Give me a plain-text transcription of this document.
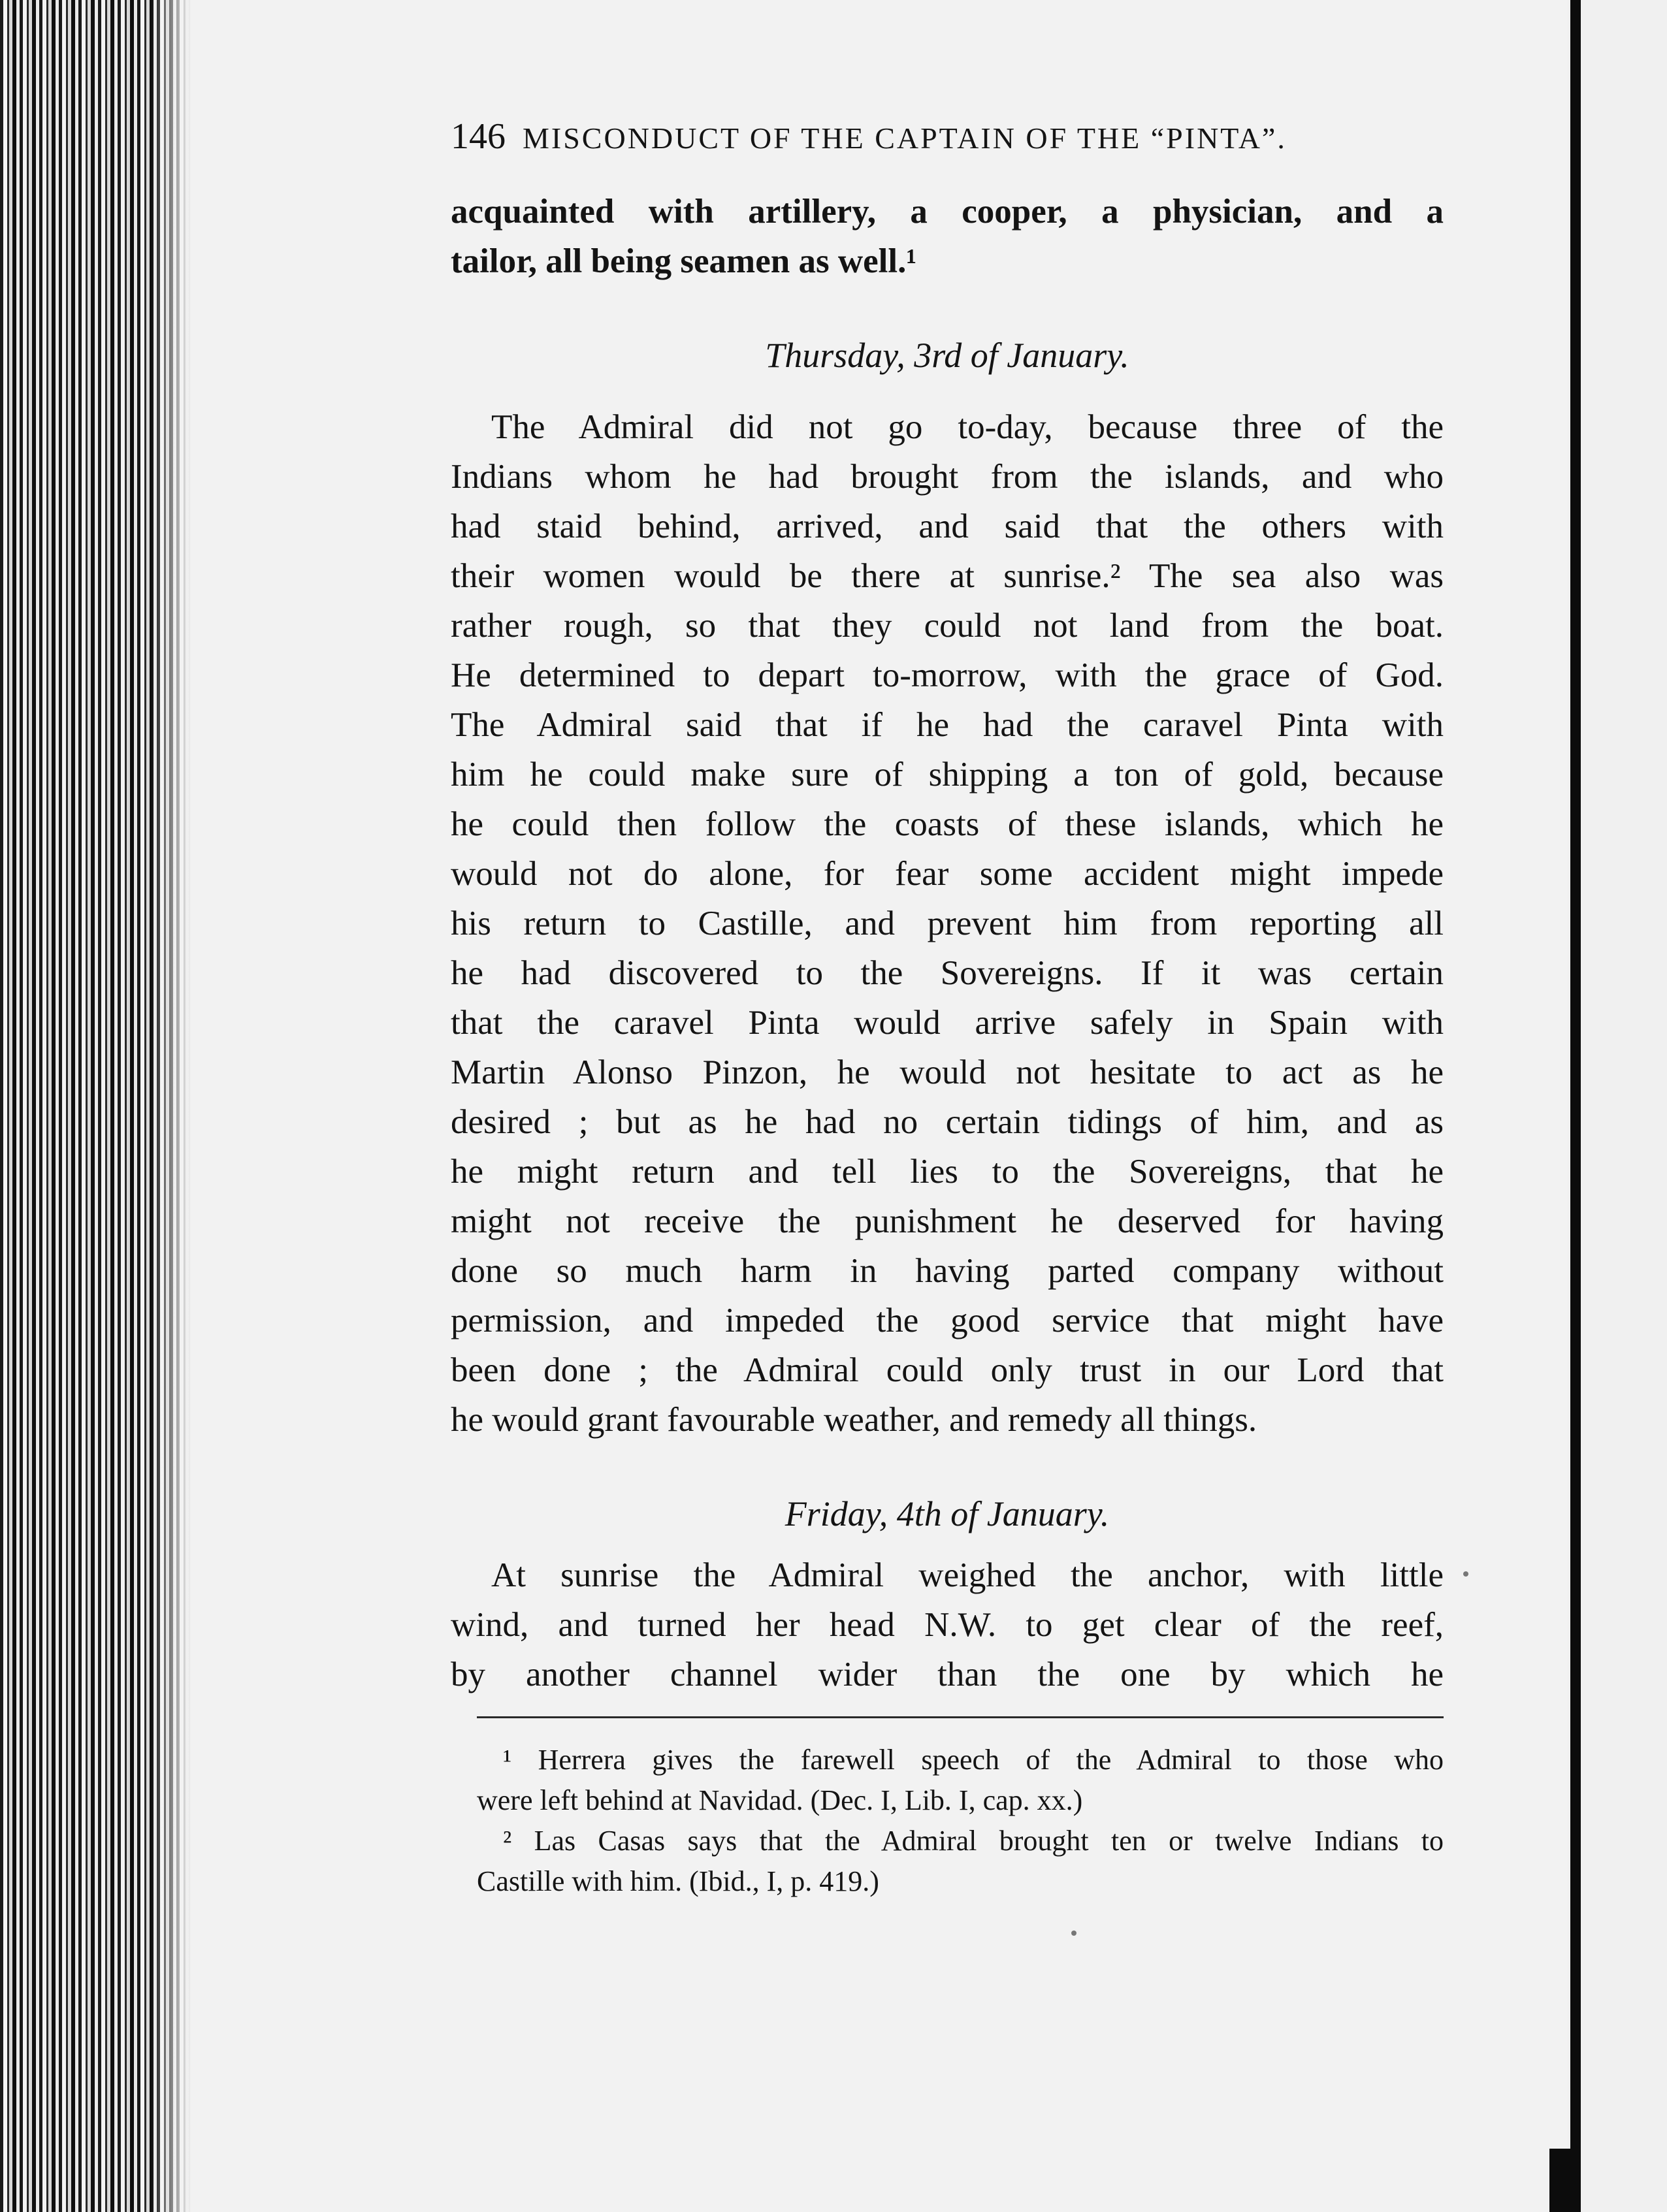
146 MISCONDUCT OF THE CAPTAIN OF THE “PINTA”.
acquainted with artillery, a cooper, a physician, and a
tailor, all being seamen as well.¹
Thursday, 3rd of January.
The Admiral did not go to-day, because three of the
Indians whom he had brought from the islands, and who
had staid behind, arrived, and said that the others with
their women would be there at sunrise.² The sea also was
rather rough, so that they could not land from the boat.
He determined to depart to-morrow, with the grace of God.
The Admiral said that if he had the caravel Pinta with
him he could make sure of shipping a ton of gold, because
he could then follow the coasts of these islands, which he
would not do alone, for fear some accident might impede
his return to Castille, and prevent him from reporting all
he had discovered to the Sovereigns. If it was certain
that the caravel Pinta would arrive safely in Spain with
Martin Alonso Pinzon, he would not hesitate to act as he
desired ; but as he had no certain tidings of him, and as
he might return and tell lies to the Sovereigns, that he
might not receive the punishment he deserved for having
done so much harm in having parted company without
permission, and impeded the good service that might have
been done ; the Admiral could only trust in our Lord that
he would grant favourable weather, and remedy all things.
Friday, 4th of January.
At sunrise the Admiral weighed the anchor, with little
wind, and turned her head N.W. to get clear of the reef,
by another channel wider than the one by which he
¹ Herrera gives the farewell speech of the Admiral to those who
were left behind at Navidad. (Dec. I, Lib. I, cap. xx.)
² Las Casas says that the Admiral brought ten or twelve Indians to
Castille with him. (Ibid., I, p. 419.)
